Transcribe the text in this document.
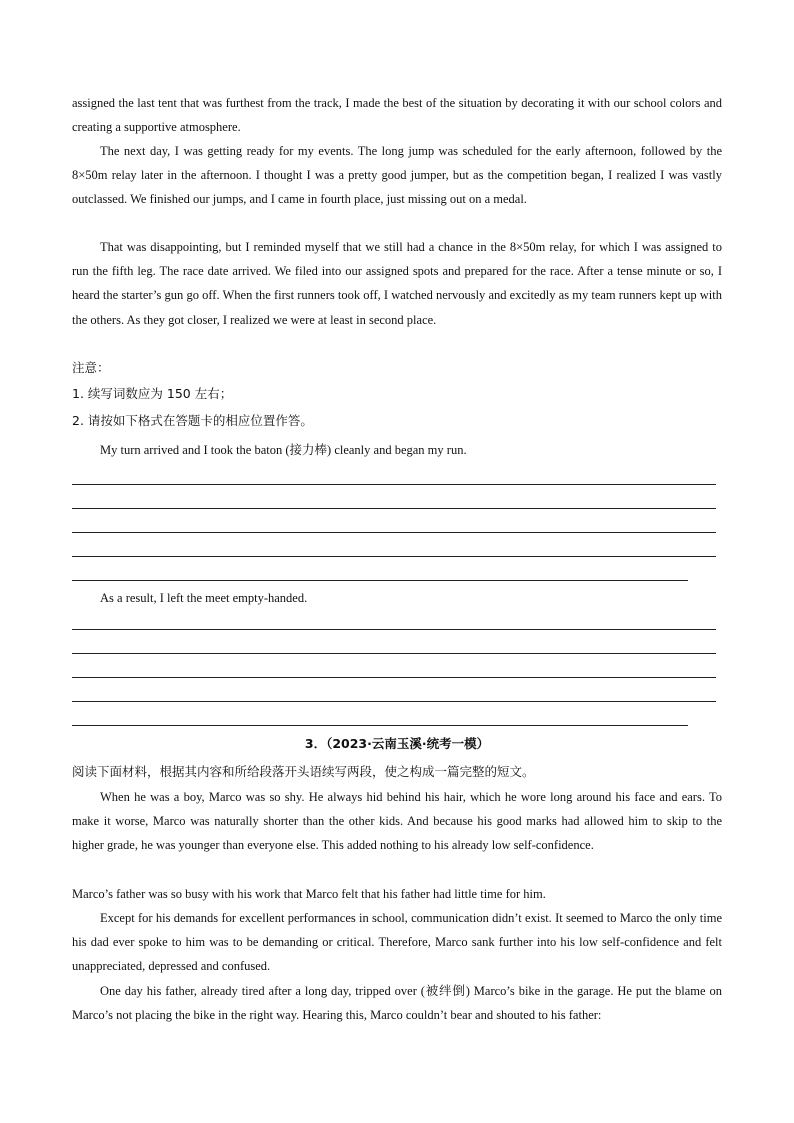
assigned the last tent that was furthest from the track, I made the best of the situation by decorating it with our school colors and creating a supportive atmosphere.

The next day, I was getting ready for my events. The long jump was scheduled for the early afternoon, followed by the 8×50m relay later in the afternoon. I thought I was a pretty good jumper, but as the competition began, I realized I was vastly outclassed. We finished our jumps, and I came in fourth place, just missing out on a medal.

That was disappointing, but I reminded myself that we still had a chance in the 8×50m relay, for which I was assigned to run the fifth leg. The race date arrived. We filed into our assigned spots and prepared for the race. After a tense minute or so, I heard the starter’s gun go off. When the first runners took off, I watched nervously and excitedly as my team runners kept up with the others. As they got closer, I realized we were at least in second place.

注意：

1. 续写词数应为 150 左右；

2. 请按如下格式在答题卡的相应位置作答。

My turn arrived and I took the baton (接力棒) cleanly and began my run.

As a result, I left the meet empty-handed.

3．（2023·云南玉溪·统考一模）

阅读下面材料，根据其内容和所给段落开头语续写两段，使之构成一篇完整的短文。

When he was a boy, Marco was so shy. He always hid behind his hair, which he wore long around his face and ears. To make it worse, Marco was naturally shorter than the other kids. And because his good marks had allowed him to skip to the higher grade, he was younger than everyone else. This added nothing to his already low self-confidence.

Marco’s father was so busy with his work that Marco felt that his father had little time for him.

Except for his demands for excellent performances in school, communication didn’t exist. It seemed to Marco the only time his dad ever spoke to him was to be demanding or critical. Therefore, Marco sank further into his low self-confidence and felt unappreciated, depressed and confused.

One day his father, already tired after a long day, tripped over (被绊倒) Marco’s bike in the garage. He put the blame on Marco’s not placing the bike in the right way. Hearing this, Marco couldn’t bear and shouted to his father:
